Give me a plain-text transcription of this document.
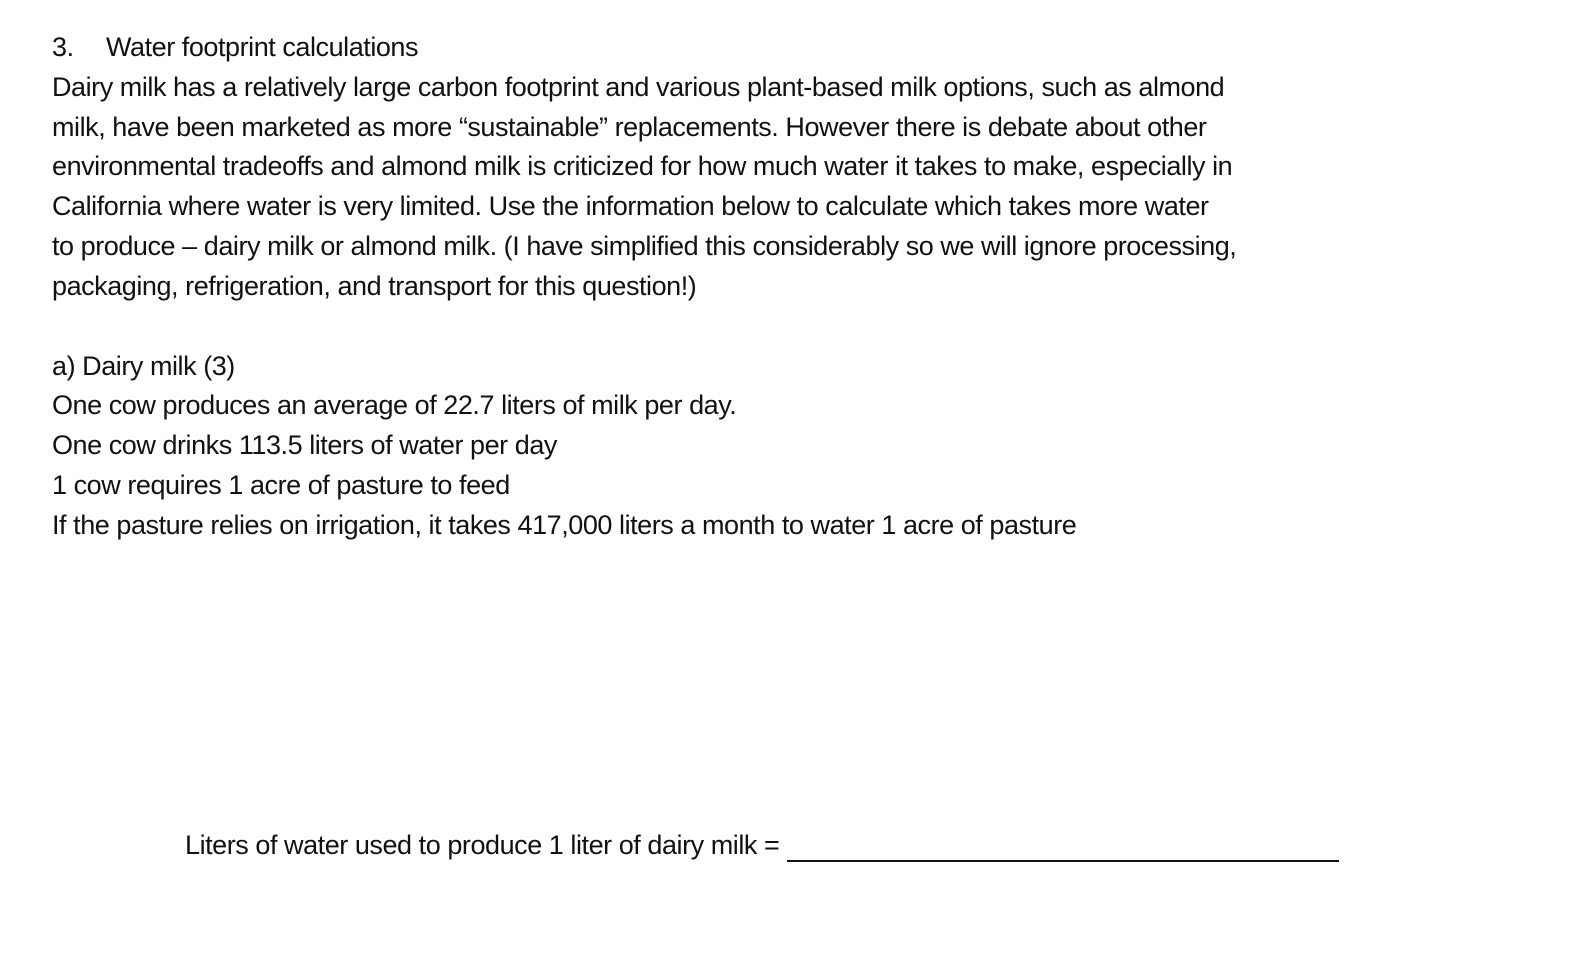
3.	Water footprint calculations
Dairy milk has a relatively large carbon footprint and various plant-based milk options, such as almond
milk, have been marketed as more “sustainable” replacements. However there is debate about other
environmental tradeoffs and almond milk is criticized for how much water it takes to make, especially in
California where water is very limited. Use the information below to calculate which takes more water
to produce – dairy milk or almond milk. (I have simplified this considerably so we will ignore processing,
packaging, refrigeration, and transport for this question!)
a) Dairy milk (3)
One cow produces an average of 22.7 liters of milk per day.
One cow drinks 113.5 liters of water per day
1 cow requires 1 acre of pasture to feed
If the pasture relies on irrigation, it takes 417,000 liters a month to water 1 acre of pasture
Liters of water used to produce 1 liter of dairy milk =
